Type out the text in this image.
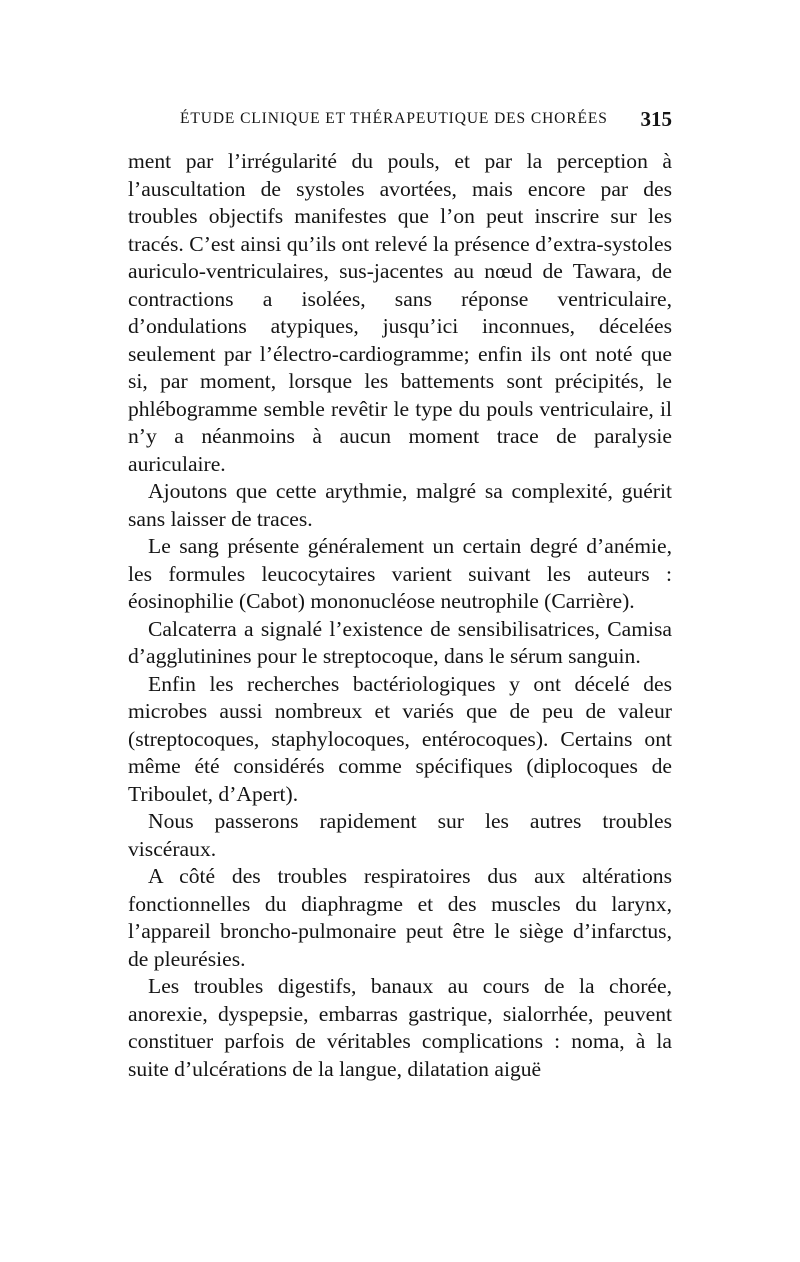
ÉTUDE CLINIQUE ET THÉRAPEUTIQUE DES CHORÉES 315

ment par l’irrégularité du pouls, et par la perception à l’auscultation de systoles avortées, mais encore par des troubles objectifs manifestes que l’on peut inscrire sur les tracés. C’est ainsi qu’ils ont relevé la présence d’extra-systoles auriculo-ventriculaires, sus-jacentes au nœud de Tawara, de contractions a isolées, sans réponse ventriculaire, d’ondulations atypiques, jusqu’ici inconnues, décelées seulement par l’électro-cardiogramme; enfin ils ont noté que si, par moment, lorsque les battements sont précipités, le phlébogramme semble revêtir le type du pouls ventriculaire, il n’y a néanmoins à aucun moment trace de paralysie auriculaire.

Ajoutons que cette arythmie, malgré sa complexité, guérit sans laisser de traces.

Le sang présente généralement un certain degré d’anémie, les formules leucocytaires varient suivant les auteurs : éosinophilie (Cabot) mononucléose neutrophile (Carrière).

Calcaterra a signalé l’existence de sensibilisatrices, Camisa d’agglutinines pour le streptocoque, dans le sérum sanguin.

Enfin les recherches bactériologiques y ont décelé des microbes aussi nombreux et variés que de peu de valeur (streptocoques, staphylocoques, entérocoques). Certains ont même été considérés comme spécifiques (diplocoques de Triboulet, d’Apert).

Nous passerons rapidement sur les autres troubles viscéraux.

A côté des troubles respiratoires dus aux altérations fonctionnelles du diaphragme et des muscles du larynx, l’appareil broncho-pulmonaire peut être le siège d’infarctus, de pleurésies.

Les troubles digestifs, banaux au cours de la chorée, anorexie, dyspepsie, embarras gastrique, sialorrhée, peuvent constituer parfois de véritables complications : noma, à la suite d’ulcérations de la langue, dilatation aiguë
